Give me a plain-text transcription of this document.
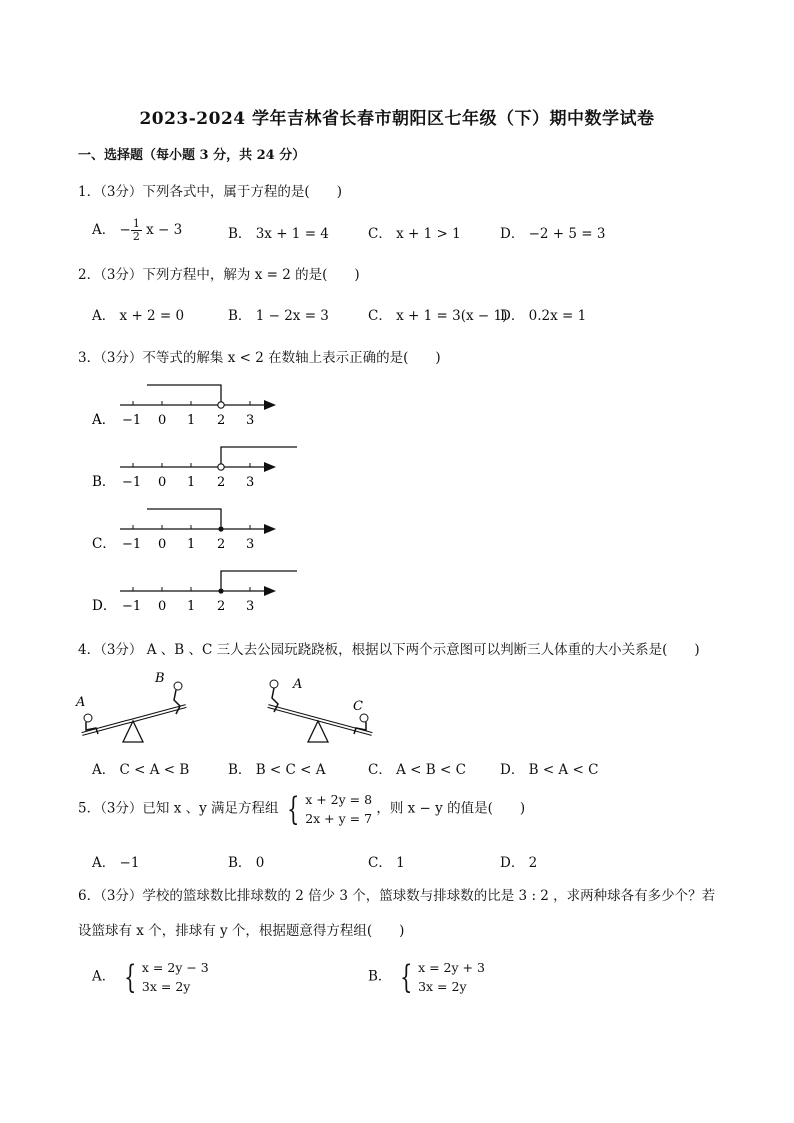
2023-2024 学年吉林省长春市朝阳区七年级（下）期中数学试卷
一、选择题（每小题 3 分，共 24 分）
1．（3分）下列各式中，属于方程的是(　　)
A． − $\frac{1}{2}$ x − 3	B． 3x + 1 = 4	C． x + 1 > 1	D． −2 + 5 = 3
2．（3分）下列方程中，解为 x = 2 的是(　　)
A． x + 2 = 0	B． 1 − 2x = 3	C． x + 1 = 3(x − 1)
D． 0.2x = 1
3．（3分）不等式的解集 x < 2 在数轴上表示正确的是(　　)
A． −1 0 1 2 3
B． −1 0 1 2 3
C． −1 0 1 2 3
D． −1 0 1 2 3
4．（3分） A 、B 、C 三人去公园玩跷跷板，根据以下两个示意图可以判断三人体重的大小关系是(　　)
A
B	A
C
A． C < A < B	B． B < C < A	C． A < B < C	D． B < A < C
5．（3分）已知 x 、y 满足方程组 { x + 2y = 8
2x + y = 7
，则 x − y 的值是(　　)
A． −1	B． 0	C． 1	D． 2
6．（3分）学校的篮球数比排球数的 2 倍少 3 个，篮球数与排球数的比是 3 : 2 ，求两种球各有多少个？若
设篮球有 x 个，排球有 y 个，根据题意得方程组(　　)
A． { x = 2y − 3
3x = 2y
B． { x = 2y + 3
3x = 2y
